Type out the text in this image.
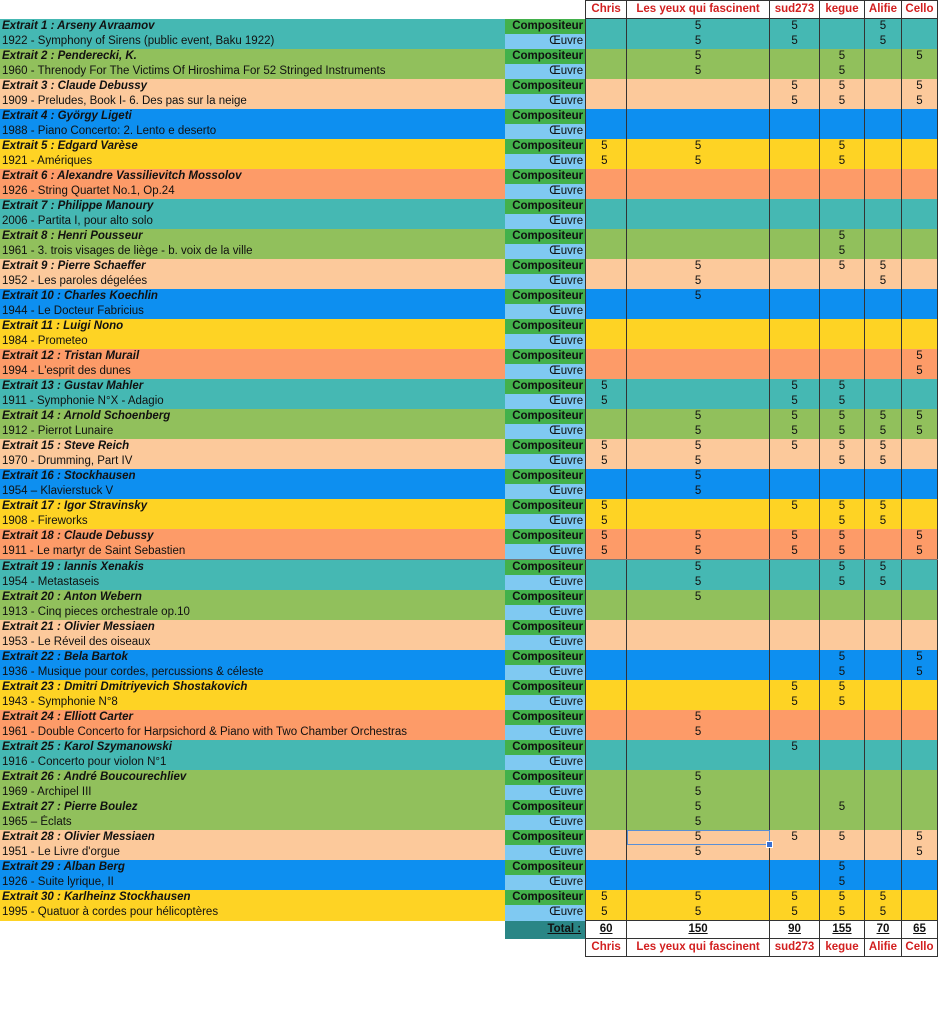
		Chris	Les yeux qui fascinent	sud273	kegue	Alifie	Cello
Extrait 1 : Arseny Avraamov	Compositeur		5	5		5	
1922 - Symphony of Sirens (public event, Baku 1922)	Œuvre		5	5		5	
Extrait 2 : Penderecki, K.	Compositeur		5		5		5
1960 - Threnody For The Victims Of Hiroshima For 52 Stringed Instruments	Œuvre		5		5		
Extrait 3 : Claude Debussy	Compositeur			5	5		5
1909 - Preludes, Book I- 6. Des pas sur la neige	Œuvre			5	5		5
Extrait 4 : György Ligeti	Compositeur						
1988 - Piano Concerto: 2. Lento e deserto	Œuvre						
Extrait 5 : Edgard Varèse	Compositeur	5	5		5		
1921 - Amériques	Œuvre	5	5		5		
Extrait 6 : Alexandre Vassilievitch Mossolov	Compositeur						
1926 - String Quartet No.1, Op.24	Œuvre						
Extrait 7 : Philippe Manoury	Compositeur						
2006 - Partita I, pour alto solo	Œuvre						
Extrait 8 : Henri Pousseur	Compositeur				5		
1961 - 3. trois visages de liège - b. voix de la ville	Œuvre				5		
Extrait 9 : Pierre Schaeffer	Compositeur		5		5	5	
1952 - Les paroles dégelées	Œuvre		5			5	
Extrait 10 : Charles Koechlin	Compositeur		5				
1944 - Le Docteur Fabricius	Œuvre						
Extrait 11 : Luigi Nono	Compositeur						
1984 - Prometeo	Œuvre						
Extrait 12 : Tristan Murail	Compositeur						5
1994 - L'esprit des dunes	Œuvre						5
Extrait 13 : Gustav Mahler	Compositeur	5		5	5		
1911 - Symphonie N°X - Adagio	Œuvre	5		5	5		
Extrait 14 : Arnold Schoenberg	Compositeur		5	5	5	5	5
1912 - Pierrot Lunaire	Œuvre		5	5	5	5	5
Extrait 15 : Steve Reich	Compositeur	5	5	5	5	5	
1970 - Drumming, Part IV	Œuvre	5	5		5	5	
Extrait 16 : Stockhausen	Compositeur		5				
1954 – Klavierstuck V	Œuvre		5				
Extrait 17 : Igor Stravinsky	Compositeur	5		5	5	5	
1908 - Fireworks	Œuvre	5			5	5	
Extrait 18 : Claude Debussy	Compositeur	5	5	5	5		5
1911 - Le martyr de Saint Sebastien	Œuvre	5	5	5	5		5
Extrait 19 : Iannis Xenakis	Compositeur		5		5	5	
1954 - Metastaseis	Œuvre		5		5	5	
Extrait 20 : Anton Webern	Compositeur		5				
1913 - Cinq pieces orchestrale op.10	Œuvre						
Extrait 21 : Olivier Messiaen	Compositeur						
1953 - Le Réveil des oiseaux	Œuvre						
Extrait 22 : Bela Bartok	Compositeur				5		5
1936 - Musique pour cordes, percussions & céleste	Œuvre				5		5
Extrait 23 : Dmitri Dmitriyevich Shostakovich	Compositeur			5	5		
1943 - Symphonie N°8	Œuvre			5	5		
Extrait 24 : Elliott Carter	Compositeur		5				
1961 - Double Concerto for Harpsichord & Piano with Two Chamber Orchestras	Œuvre		5				
Extrait 25 : Karol Szymanowski	Compositeur			5			
1916 - Concerto pour violon N°1	Œuvre						
Extrait 26 : André Boucourechliev	Compositeur		5				
1969 - Archipel III	Œuvre		5				
Extrait 27 : Pierre Boulez	Compositeur		5		5		
1965 – Éclats	Œuvre		5				
Extrait 28 : Olivier Messiaen	Compositeur		5	5	5		5
1951 - Le Livre d'orgue	Œuvre		5				5
Extrait 29 : Alban Berg	Compositeur				5		
1926 - Suite lyrique, II	Œuvre				5		
Extrait 30 : Karlheinz Stockhausen	Compositeur	5	5	5	5	5	
1995 - Quatuor à cordes pour hélicoptères	Œuvre	5	5	5	5	5	
	Total :	60	150	90	155	70	65
		Chris	Les yeux qui fascinent	sud273	kegue	Alifie	Cello
